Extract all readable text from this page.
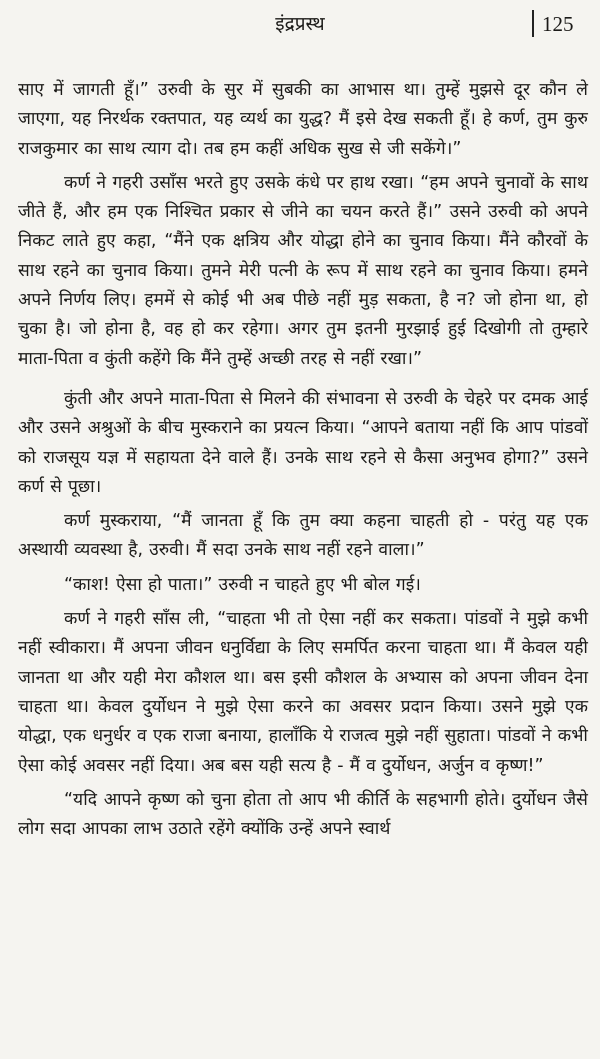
इंद्रप्रस्थ	125

साए में जागती हूँ।” उरुवी के सुर में सुबकी का आभास था। तुम्हें मुझसे दूर कौन ले जाएगा, यह निरर्थक रक्तपात, यह व्यर्थ का युद्ध? मैं इसे देख सकती हूँ। हे कर्ण, तुम कुरु राजकुमार का साथ त्याग दो। तब हम कहीं अधिक सुख से जी सकेंगे।”

कर्ण ने गहरी उसाँस भरते हुए उसके कंधे पर हाथ रखा। “हम अपने चुनावों के साथ जीते हैं, और हम एक निश्चित प्रकार से जीने का चयन करते हैं।” उसने उरुवी को अपने निकट लाते हुए कहा, “मैंने एक क्षत्रिय और योद्धा होने का चुनाव किया। मैंने कौरवों के साथ रहने का चुनाव किया। तुमने मेरी पत्नी के रूप में साथ रहने का चुनाव किया। हमने अपने निर्णय लिए। हममें से कोई भी अब पीछे नहीं मुड़ सकता, है न? जो होना था, हो चुका है। जो होना है, वह हो कर रहेगा। अगर तुम इतनी मुरझाई हुई दिखोगी तो तुम्हारे माता-पिता व कुंती कहेंगे कि मैंने तुम्हें अच्छी तरह से नहीं रखा।”

कुंती और अपने माता-पिता से मिलने की संभावना से उरुवी के चेहरे पर दमक आई और उसने अश्रुओं के बीच मुस्कराने का प्रयत्न किया। “आपने बताया नहीं कि आप पांडवों को राजसूय यज्ञ में सहायता देने वाले हैं। उनके साथ रहने से कैसा अनुभव होगा?” उसने कर्ण से पूछा।

कर्ण मुस्कराया, “मैं जानता हूँ कि तुम क्या कहना चाहती हो - परंतु यह एक अस्थायी व्यवस्था है, उरुवी। मैं सदा उनके साथ नहीं रहने वाला।”

“काश! ऐसा हो पाता।” उरुवी न चाहते हुए भी बोल गई।

कर्ण ने गहरी साँस ली, “चाहता भी तो ऐसा नहीं कर सकता। पांडवों ने मुझे कभी नहीं स्वीकारा। मैं अपना जीवन धनुर्विद्या के लिए समर्पित करना चाहता था। मैं केवल यही जानता था और यही मेरा कौशल था। बस इसी कौशल के अभ्यास को अपना जीवन देना चाहता था। केवल दुर्योधन ने मुझे ऐसा करने का अवसर प्रदान किया। उसने मुझे एक योद्धा, एक धनुर्धर व एक राजा बनाया, हालाँकि ये राजत्व मुझे नहीं सुहाता। पांडवों ने कभी ऐसा कोई अवसर नहीं दिया। अब बस यही सत्य है - मैं व दुर्योधन, अर्जुन व कृष्ण!”

“यदि आपने कृष्ण को चुना होता तो आप भी कीर्ति के सहभागी होते। दुर्योधन जैसे लोग सदा आपका लाभ उठाते रहेंगे क्योंकि उन्हें अपने स्वार्थ
